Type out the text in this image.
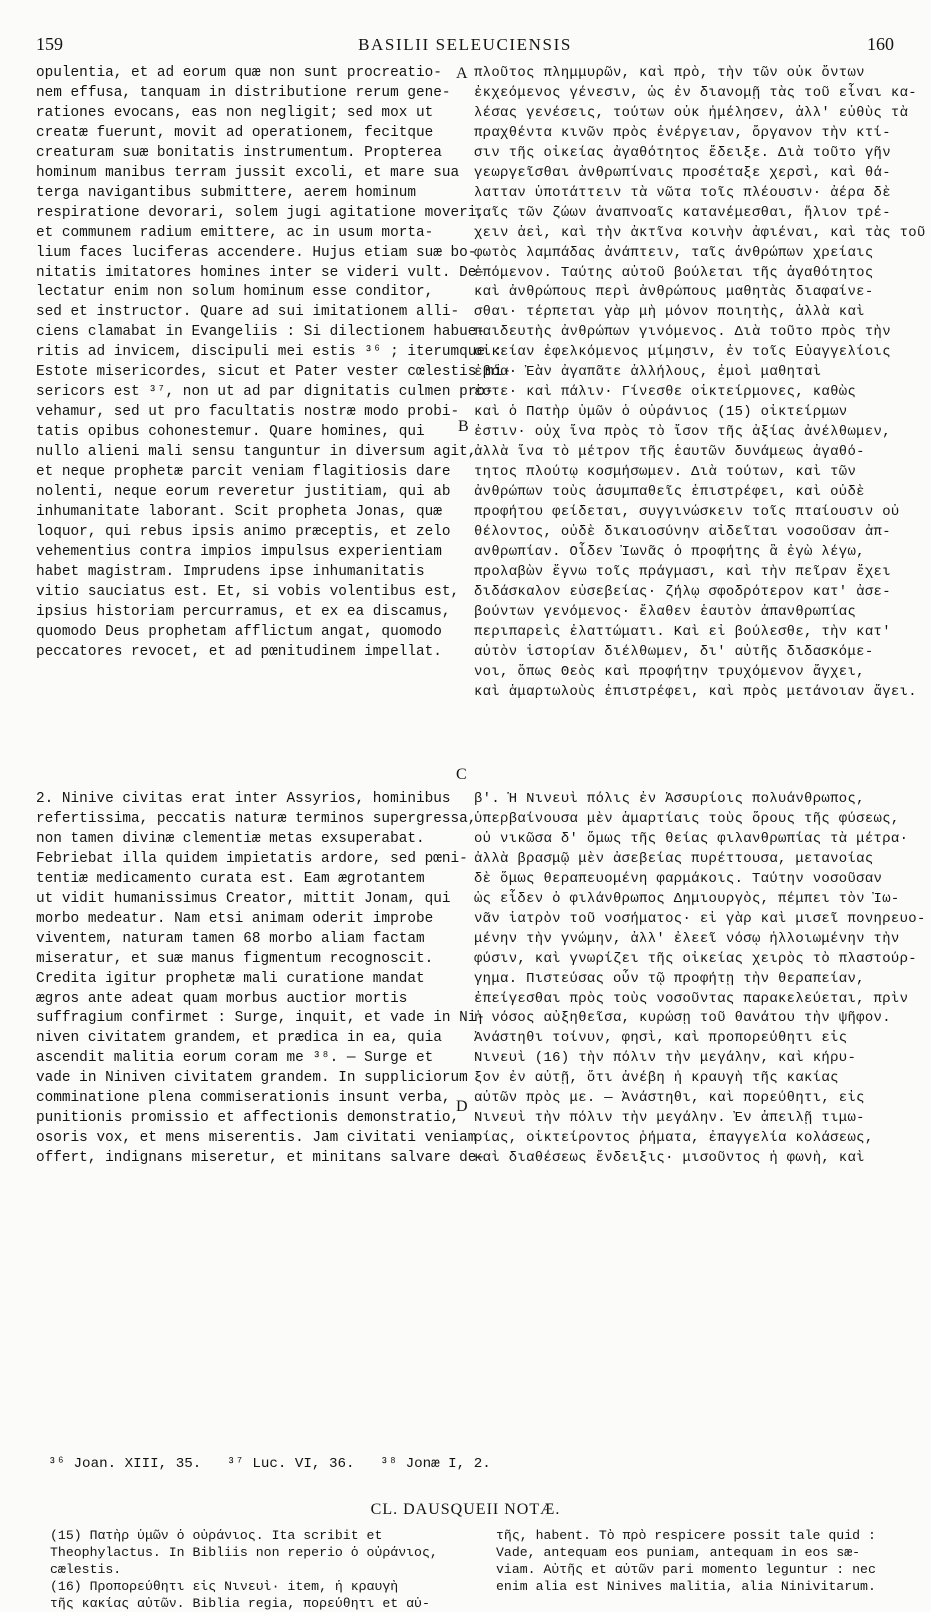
159	BASILII SELEUCIENSIS	160
opulentia, et ad eorum quæ non sunt procreatio-
nem effusa, tanquam in distributione rerum gene-
rationes evocans, eas non negligit; sed mox ut
creatæ fuerunt, movit ad operationem, fecitque
creaturam suæ bonitatis instrumentum. Propterea
hominum manibus terram jussit excoli, et mare sua
terga navigantibus submittere, aerem hominum
respiratione devorari, solem jugi agitatione moveri,
et communem radium emittere, ac in usum morta-
lium faces luciferas accendere. Hujus etiam suæ bo-
nitatis imitatores homines inter se videri vult. De-
lectatur enim non solum hominum esse conditor,
sed et instructor. Quare ad sui imitationem alli-
ciens clamabat in Evangeliis : Si dilectionem habue-
ritis ad invicem, discipuli mei estis ³⁶ ; iterumque :
Estote misericordes, sicut et Pater vester cœlestis mi-
sericors est ³⁷, non ut ad par dignitatis culmen pro-
vehamur, sed ut pro facultatis nostræ modo probi-
tatis opibus cohonestemur. Quare homines, qui
nullo alieni mali sensu tanguntur in diversum agit,
et neque prophetæ parcit veniam flagitiosis dare
nolenti, neque eorum reveretur justitiam, qui ab
inhumanitate laborant. Scit propheta Jonas, quæ
loquor, qui rebus ipsis animo præceptis, et zelo
vehementius contra impios impulsus experientiam
habet magistram. Imprudens ipse inhumanitatis
vitio sauciatus est. Et, si vobis volentibus est,
ipsius historiam percurramus, et ex ea discamus,
quomodo Deus prophetam afflictum angat, quomodo
peccatores revocet, et ad pœnitudinem impellat.
πλοῦτος πλημμυρῶν, καὶ πρὸ, τὴν τῶν οὐκ ὄντων
ἐκχεόμενος γένεσιν, ὡς ἐν διανομῇ τὰς τοῦ εἶναι κα-
λέσας γενέσεις, τούτων οὐκ ἠμέλησεν, ἀλλ' εὐθὺς τὰ
πραχθέντα κινῶν πρὸς ἐνέργειαν, ὄργανον τὴν κτί-
σιν τῆς οἰκείας ἀγαθότητος ἔδειξε. Διὰ τοῦτο γῆν
γεωργεῖσθαι ἀνθρωπίναις προσέταξε χερσὶ, καὶ θά-
λατταν ὑποτάττειν τὰ νῶτα τοῖς πλέουσιν· ἀέρα δὲ
ταῖς τῶν ζώων ἀναπνοαῖς κατανέμεσθαι, ἥλιον τρέ-
χειν ἀεὶ, καὶ τὴν ἀκτῖνα κοινὴν ἀφιέναι, καὶ τὰς τοῦ
φωτὸς λαμπάδας ἀνάπτειν, ταῖς ἀνθρώπων χρείαις
ἑπόμενον. Ταύτης αὐτοῦ βούλεται τῆς ἀγαθότητος
καὶ ἀνθρώπους περὶ ἀνθρώπους μαθητὰς διαφαίνε-
σθαι· τέρπεται γὰρ μὴ μόνον ποιητὴς, ἀλλὰ καὶ
παιδευτὴς ἀνθρώπων γινόμενος. Διὰ τοῦτο πρὸς τὴν
οἰκείαν ἐφελκόμενος μίμησιν, ἐν τοῖς Εὐαγγελίοις
ἐβόα· Ἐὰν ἀγαπᾶτε ἀλλήλους, ἐμοὶ μαθηταὶ
ἐστε· καὶ πάλιν· Γίνεσθε οἰκτείρμονες, καθὼς
καὶ ὁ Πατὴρ ὑμῶν ὁ οὐράνιος (15) οἰκτείρμων
ἐστιν· οὐχ ἵνα πρὸς τὸ ἴσον τῆς ἀξίας ἀνέλθωμεν,
ἀλλὰ ἵνα τὸ μέτρον τῆς ἑαυτῶν δυνάμεως ἀγαθό-
τητος πλούτῳ κοσμήσωμεν. Διὰ τούτων, καὶ τῶν
ἀνθρώπων τοὺς ἀσυμπαθεῖς ἐπιστρέφει, καὶ οὐδὲ
προφήτου φείδεται, συγγινώσκειν τοῖς πταίουσιν οὐ
θέλοντος, οὐδὲ δικαιοσύνην αἰδεῖται νοσοῦσαν ἀπ-
ανθρωπίαν. Οἶδεν Ἰωνᾶς ὁ προφήτης ἃ ἐγὼ λέγω,
προλαβὼν ἔγνω τοῖς πράγμασι, καὶ τὴν πεῖραν ἔχει
διδάσκαλον εὐσεβείας· ζήλῳ σφοδρότερον κατ' ἀσε-
βούντων γενόμενος· ἔλαθεν ἑαυτὸν ἀπανθρωπίας
περιπαρεὶς ἐλαττώματι. Καὶ εἰ βούλεσθε, τὴν κατ'
αὐτὸν ἱστορίαν διέλθωμεν, δι' αὐτῆς διδασκόμε-
νοι, ὅπως Θεὸς καὶ προφήτην τρυχόμενον ἄγχει,
καὶ ἁμαρτωλοὺς ἐπιστρέφει, καὶ πρὸς μετάνοιαν ἄγει.
A
B
C
D
2. Ninive civitas erat inter Assyrios, hominibus
refertissima, peccatis naturæ terminos supergressa,
non tamen divinæ clementiæ metas exsuperabat.
Febriebat illa quidem impietatis ardore, sed pœni-
tentiæ medicamento curata est. Eam ægrotantem
ut vidit humanissimus Creator, mittit Jonam, qui
morbo medeatur. Nam etsi animam oderit improbe
viventem, naturam tamen 68 morbo aliam factam
miseratur, et suæ manus figmentum recognoscit.
Credita igitur prophetæ mali curatione mandat
ægros ante adeat quam morbus auctior mortis
suffragium confirmet : Surge, inquit, et vade in Ni-
niven civitatem grandem, et prædica in ea, quia
ascendit malitia eorum coram me ³⁸. — Surge et
vade in Niniven civitatem grandem. In suppliciorum
comminatione plena commiserationis insunt verba,
punitionis promissio et affectionis demonstratio,
osoris vox, et mens miserentis. Jam civitati veniam
offert, indignans miseretur, et minitans salvare de-
β'. Ἡ Νινευὶ πόλις ἐν Ἀσσυρίοις πολυάνθρωπος,
ὑπερβαίνουσα μὲν ἁμαρτίαις τοὺς ὅρους τῆς φύσεως,
οὐ νικῶσα δ' ὅμως τῆς θείας φιλανθρωπίας τὰ μέτρα·
ἀλλὰ βρασμῷ μὲν ἀσεβείας πυρέττουσα, μετανοίας
δὲ ὅμως θεραπευομένη φαρμάκοις. Ταύτην νοσοῦσαν
ὡς εἶδεν ὁ φιλάνθρωπος Δημιουργὸς, πέμπει τὸν Ἰω-
νᾶν ἰατρὸν τοῦ νοσήματος· εἰ γὰρ καὶ μισεῖ πονηρευο-
μένην τὴν γνώμην, ἀλλ' ἐλεεῖ νόσῳ ἠλλοιωμένην τὴν
φύσιν, καὶ γνωρίζει τῆς οἰκείας χειρὸς τὸ πλαστούρ-
γημα. Πιστεύσας οὖν τῷ προφήτῃ τὴν θεραπείαν,
ἐπείγεσθαι πρὸς τοὺς νοσοῦντας παρακελεύεται, πρὶν
ἡ νόσος αὐξηθεῖσα, κυρώσῃ τοῦ θανάτου τὴν ψῆφον.
Ἀνάστηθι τοίνυν, φησὶ, καὶ προπορεύθητι εἰς
Νινευὶ (16) τὴν πόλιν τὴν μεγάλην, καὶ κήρυ-
ξον ἐν αὐτῇ, ὅτι ἀνέβη ἡ κραυγὴ τῆς κακίας
αὐτῶν πρὸς με. — Ἀνάστηθι, καὶ πορεύθητι, εἰς
Νινευὶ τὴν πόλιν τὴν μεγάλην. Ἐν ἀπειλῇ τιμω-
ρίας, οἰκτείροντος ῥήματα, ἐπαγγελία κολάσεως,
καὶ διαθέσεως ἔνδειξις· μισοῦντος ἡ φωνὴ, καὶ
³⁶ Joan. XIII, 35.   ³⁷ Luc. VI, 36.   ³⁸ Jonæ I, 2.
CL. DAUSQUEII NOTÆ.
(15) Πατὴρ ὑμῶν ὁ οὐράνιος. Ita scribit et
Theophylactus. In Bibliis non reperio ὁ οὐράνιος,
cælestis.
(16) Προπορεύθητι εἰς Νινευὶ· item, ἡ κραυγὴ
τῆς κακίας αὐτῶν. Biblia regia, πορεύθητι et αὐ-
τῆς, habent. Τὸ πρὸ respicere possit tale quid :
Vade, antequam eos puniam, antequam in eos sæ-
viam. Αὐτῆς et αὐτῶν pari momento leguntur : nec
enim alia est Ninives malitia, alia Ninivitarum.
